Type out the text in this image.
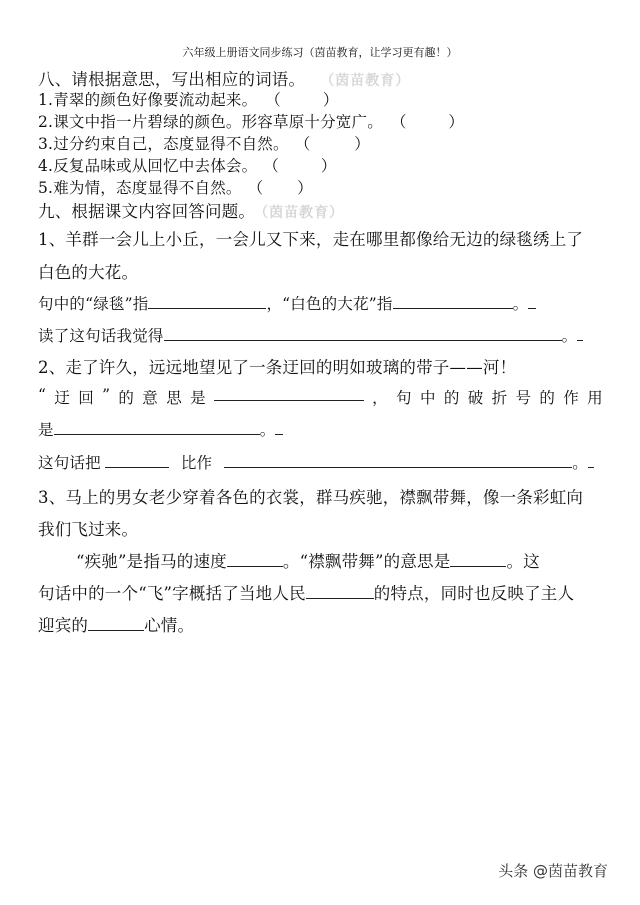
六年级上册语文同步练习（茵苗教育，让学习更有趣！）
八、请根据意思，写出相应的词语。 （茵苗教育）
1.青翠的颜色好像要流动起来。 （	）
2.课文中指一片碧绿的颜色。形容草原十分宽广。 （	）
3.过分约束自己，态度显得不自然。 （	）
4.反复品味或从回忆中去体会。 （	）
5.难为情，态度显得不自然。 （ ）
九、根据课文内容回答问题。 （茵苗教育）
1、羊群一会儿上小丘，一会儿又下来，走在哪里都像给无边的绿毯绣上了
白色的大花。
句中的“绿毯”指	，“白色的大花”指	。
读了这句话我觉得	。
2、走了许久，远远地望见了一条迂回的明如玻璃的带子——河！
“ 迂 回 ” 的 意 思 是	， 句 中 的 破 折 号 的 作 用
是	。
这句话把	比作	。
3、马上的男女老少穿着各色的衣裳，群马疾驰，襟飘带舞，像一条彩虹向
我们飞过来。
“疾驰”是指马的速度	。“襟飘带舞”的意思是	。这
句话中的一个“飞”字概括了当地人民	的特点，同时也反映了主人
迎宾的	心情。
头条 @茵苗教育
